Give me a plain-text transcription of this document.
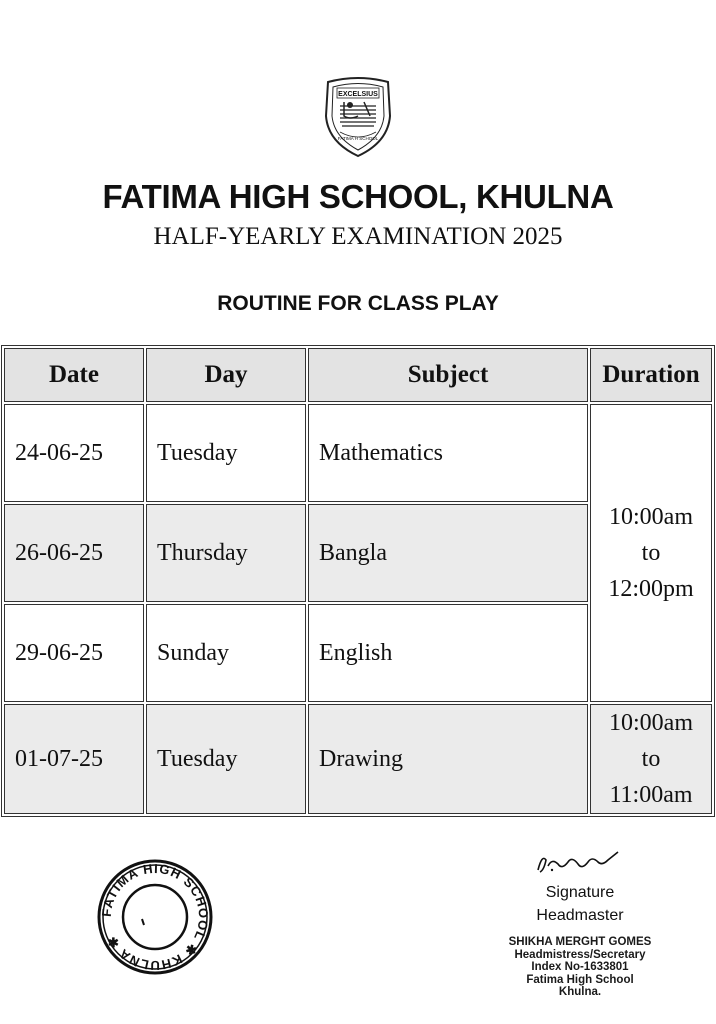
EXCELSIUS
FATIMA H SCHOOL
FATIMA HIGH SCHOOL, KHULNA
HALF-YEARLY EXAMINATION 2025
ROUTINE FOR CLASS PLAY
Date	Day	Subject	Duration
24-06-25	Tuesday	Mathematics	10:00am
to
12:00pm

26-06-25	Thursday	Bangla	
29-06-25	Sunday	English	
01-07-25	Tuesday	Drawing	10:00am
to
11:00am
FATIMA HIGH SCHOOL ✱ KHULNA ✱
Signature
Headmaster
SHIKHA MERGHT GOMES
Headmistress/Secretary
Index No-1633801
Fatima High School
Khulna.
